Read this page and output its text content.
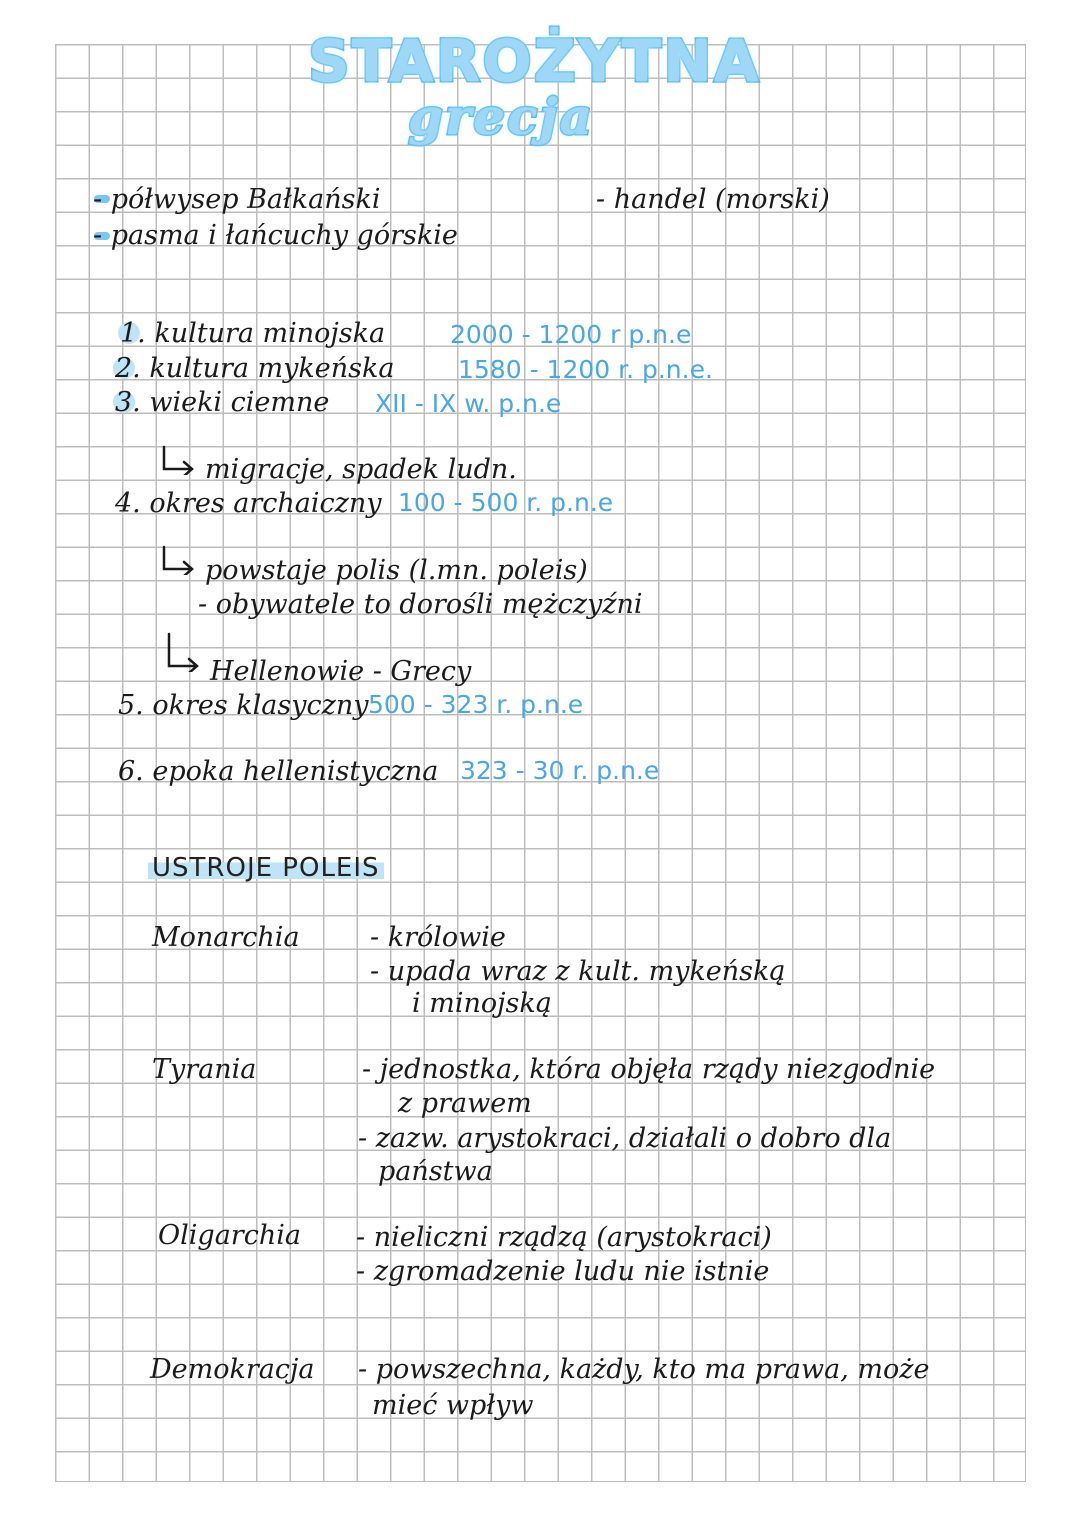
STAROŻYTNA
grecja
- półwysep Bałkański
- pasma i łańcuchy górskie
- handel (morski)
1. kultura minojska	2000 - 1200 r p.n.e
2. kultura mykeńska	1580 - 1200 r. p.n.e.
3. wieki ciemne XII - IX w. p.n.e
migracje, spadek ludn.
4. okres archaiczny 100 - 500 r. p.n.e
powstaje polis (l.mn. poleis)
- obywatele to dorośli mężczyźni
Hellenowie - Grecy
5. okres klasyczny 500 - 323 r. p.n.e
6. epoka hellenistyczna 323 - 30 r. p.n.e
USTROJE POLEIS
Monarchia	- królowie
- upada wraz z kult. mykeńską
i minojską
Tyrania	- jednostka, która objęła rządy niezgodnie
z prawem
- zazw. arystokraci, działali o dobro dla
państwa
Oligarchia - nieliczni rządzą (arystokraci)
- zgromadzenie ludu nie istnie
Demokracja - powszechna, każdy, kto ma prawa, może
mieć wpływ
